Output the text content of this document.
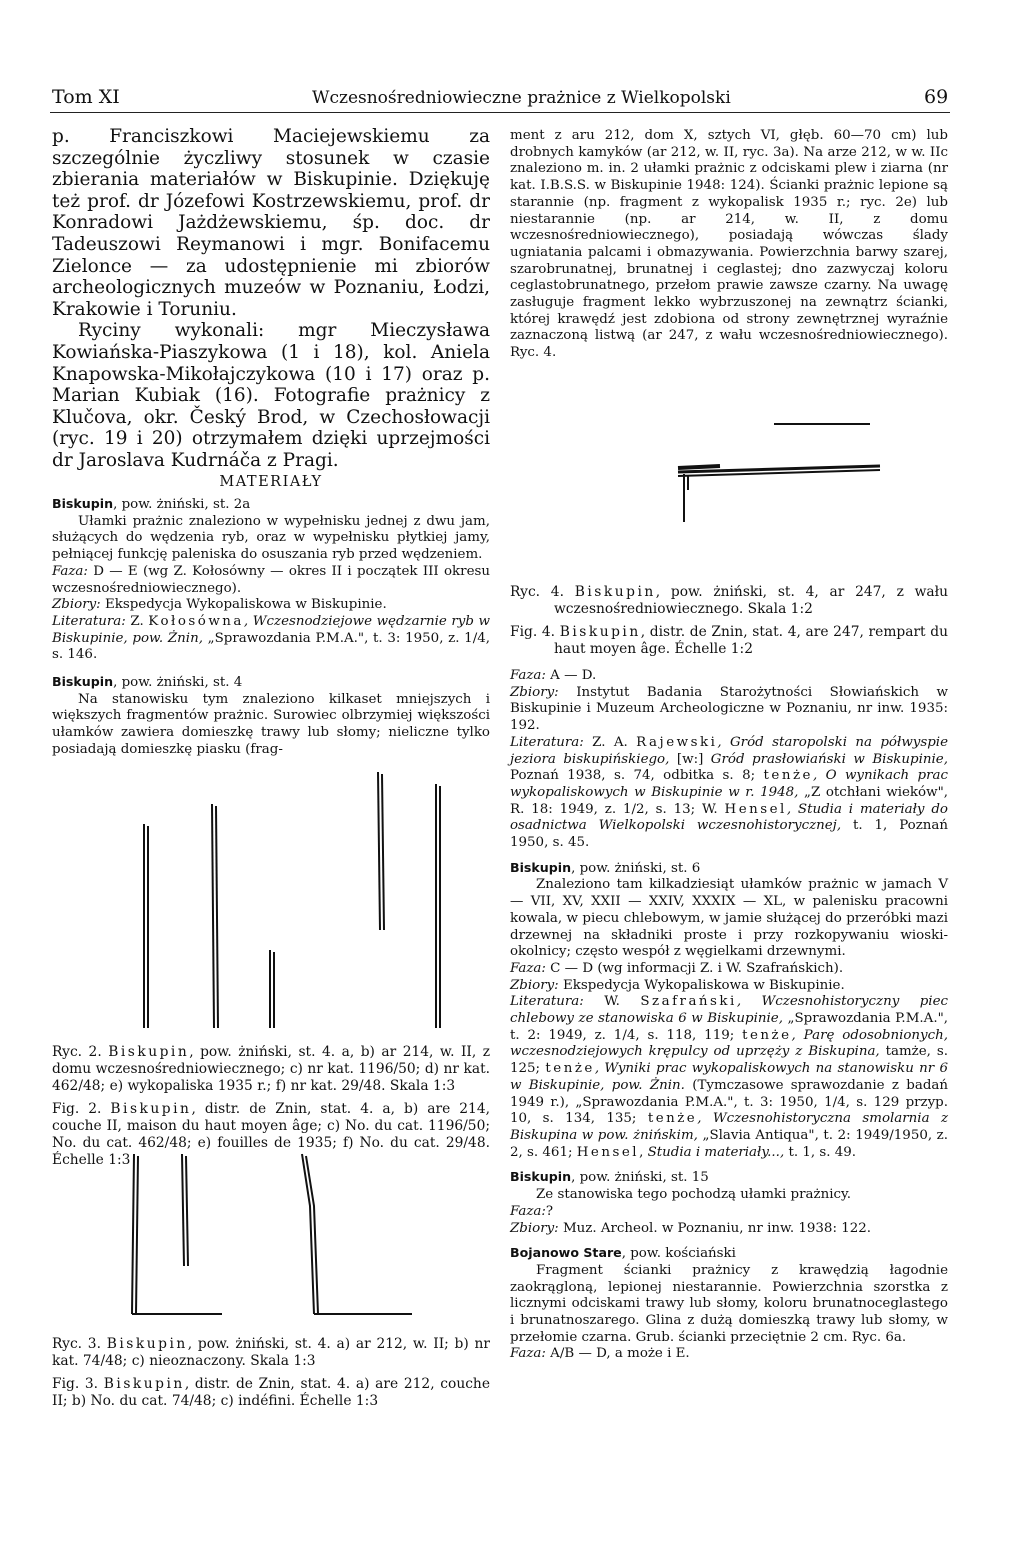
Tom XI	Wczesnośredniowieczne prażnice z Wielkopolski	69

p. Franciszkowi Maciejewskiemu za szczególnie życzliwy stosunek w czasie zbierania materiałów w Biskupinie. Dziękuję też prof. dr Józefowi Kostrzewskiemu, prof. dr Konradowi Jażdżewskiemu, śp. doc. dr Tadeuszowi Reymanowi i mgr. Bonifacemu Zielonce — za udostępnienie mi zbiorów archeologicznych muzeów w Poznaniu, Łodzi, Krakowie i Toruniu.

Ryciny wykonali: mgr Mieczysława Kowiańska-Piaszykowa (1 i 18), kol. Aniela Knapowska-Mikołajczykowa (10 i 17) oraz p. Marian Kubiak (16). Fotografie prażnicy z Klučova, okr. Český Brod, w Czechosłowacji (ryc. 19 i 20) otrzymałem dzięki uprzejmości dr Jaroslava Kudrnáča z Pragi.

MATERIAŁY

Biskupin, pow. żniński, st. 2a

Ułamki prażnic znaleziono w wypełnisku jednej z dwu jam, służących do wędzenia ryb, oraz w wypełnisku płytkiej jamy, pełniącej funkcję paleniska do osuszania ryb przed wędzeniem.

Faza: D — E (wg Z. Kołosówny — okres II i początek III okresu wczesnośredniowiecznego).

Zbiory: Ekspedycja Wykopaliskowa w Biskupinie.

Literatura: Z. Kołosówna, Wczesnodziejowe wędzarnie ryb w Biskupinie, pow. Żnin, „Sprawozdania P.M.A.", t. 3: 1950, z. 1/4, s. 146.

Biskupin, pow. żniński, st. 4

Na stanowisku tym znaleziono kilkaset mniejszych i większych fragmentów prażnic. Surowiec olbrzymiej większości ułamków zawiera domieszkę trawy lub słomy; nieliczne tylko posiadają domieszkę piasku (frag-

Ryc. 2. Biskupin, pow. żniński, st. 4. a, b) ar 214, w. II, z domu wczesnośredniowiecznego; c) nr kat. 1196/50; d) nr kat. 462/48; e) wykopaliska 1935 r.; f) nr kat. 29/48. Skala 1:3

Fig. 2. Biskupin, distr. de Znin, stat. 4. a, b) are 214, couche II, maison du haut moyen âge; c) No. du cat. 1196/50; No. du cat. 462/48; e) fouilles de 1935; f) No. du cat. 29/48. Échelle 1:3

Ryc. 3. Biskupin, pow. żniński, st. 4. a) ar 212, w. II; b) nr kat. 74/48; c) nieoznaczony. Skala 1:3

Fig. 3. Biskupin, distr. de Znin, stat. 4. a) are 212, couche II; b) No. du cat. 74/48; c) indéfini. Échelle 1:3

ment z aru 212, dom X, sztych VI, głęb. 60—70 cm) lub drobnych kamyków (ar 212, w. II, ryc. 3a). Na arze 212, w w. IIc znaleziono m. in. 2 ułamki prażnic z odciskami plew i ziarna (nr kat. I.B.S.S. w Biskupinie 1948: 124). Ścianki prażnic lepione są starannie (np. fragment z wykopalisk 1935 r.; ryc. 2e) lub niestarannie (np. ar 214, w. II, z domu wczesnośredniowiecznego), posiadają wówczas ślady ugniatania palcami i obmazywania. Powierzchnia barwy szarej, szarobrunatnej, brunatnej i ceglastej; dno zazwyczaj koloru ceglastobrunatnego, przełom prawie zawsze czarny. Na uwagę zasługuje fragment lekko wybrzuszonej na zewnątrz ścianki, której krawędź jest zdobiona od strony zewnętrznej wyraźnie zaznaczoną listwą (ar 247, z wału wczesnośredniowiecznego). Ryc. 4.

Ryc. 4. Biskupin, pow. żniński, st. 4, ar 247, z wału wczesnośredniowiecznego. Skala 1:2

Fig. 4. Biskupin, distr. de Znin, stat. 4, are 247, rempart du haut moyen âge. Échelle 1:2

Faza: A — D.

Zbiory: Instytut Badania Starożytności Słowiańskich w Biskupinie i Muzeum Archeologiczne w Poznaniu, nr inw. 1935: 192.

Literatura: Z. A. Rajewski, Gród staropolski na półwyspie jeziora biskupińskiego, [w:] Gród prasłowiański w Biskupinie, Poznań 1938, s. 74, odbitka s. 8; tenże, O wynikach prac wykopaliskowych w Biskupinie w r. 1948, „Z otchłani wieków", R. 18: 1949, z. 1/2, s. 13; W. Hensel, Studia i materiały do osadnictwa Wielkopolski wczesnohistorycznej, t. 1, Poznań 1950, s. 45.

Biskupin, pow. żniński, st. 6

Znaleziono tam kilkadziesiąt ułamków prażnic w jamach V — VII, XV, XXII — XXIV, XXXIX — XL, w palenisku pracowni kowala, w piecu chlebowym, w jamie służącej do przeróbki mazi drzewnej na składniki proste i przy rozkopywaniu wioski-okolnicy; często wespół z węgielkami drzewnymi.

Faza: C — D (wg informacji Z. i W. Szafrańskich).

Zbiory: Ekspedycja Wykopaliskowa w Biskupinie.

Literatura: W. Szafrański, Wczesnohistoryczny piec chlebowy ze stanowiska 6 w Biskupinie, „Sprawozdania P.M.A.", t. 2: 1949, z. 1/4, s. 118, 119; tenże, Parę odosobnionych, wczesnodziejowych krępulcy od uprzęży z Biskupina, tamże, s. 125; tenże, Wyniki prac wykopaliskowych na stanowisku nr 6 w Biskupinie, pow. Żnin. (Tymczasowe sprawozdanie z badań 1949 r.), „Sprawozdania P.M.A.", t. 3: 1950, 1/4, s. 129 przyp. 10, s. 134, 135; tenże, Wczesnohistoryczna smolarnia z Biskupina w pow. żnińskim, „Slavia Antiqua", t. 2: 1949/1950, z. 2, s. 461; Hensel, Studia i materiały..., t. 1, s. 49.

Biskupin, pow. żniński, st. 15

Ze stanowiska tego pochodzą ułamki prażnicy.

Faza:?

Zbiory: Muz. Archeol. w Poznaniu, nr inw. 1938: 122.

Bojanowo Stare, pow. kościański

Fragment ścianki prażnicy z krawędzią łagodnie zaokrągloną, lepionej niestarannie. Powierzchnia szorstka z licznymi odciskami trawy lub słomy, koloru brunatnoceglastego i brunatnoszarego. Glina z dużą domieszką trawy lub słomy, w przełomie czarna. Grub. ścianki przeciętnie 2 cm. Ryc. 6a.

Faza: A/B — D, a może i E.
